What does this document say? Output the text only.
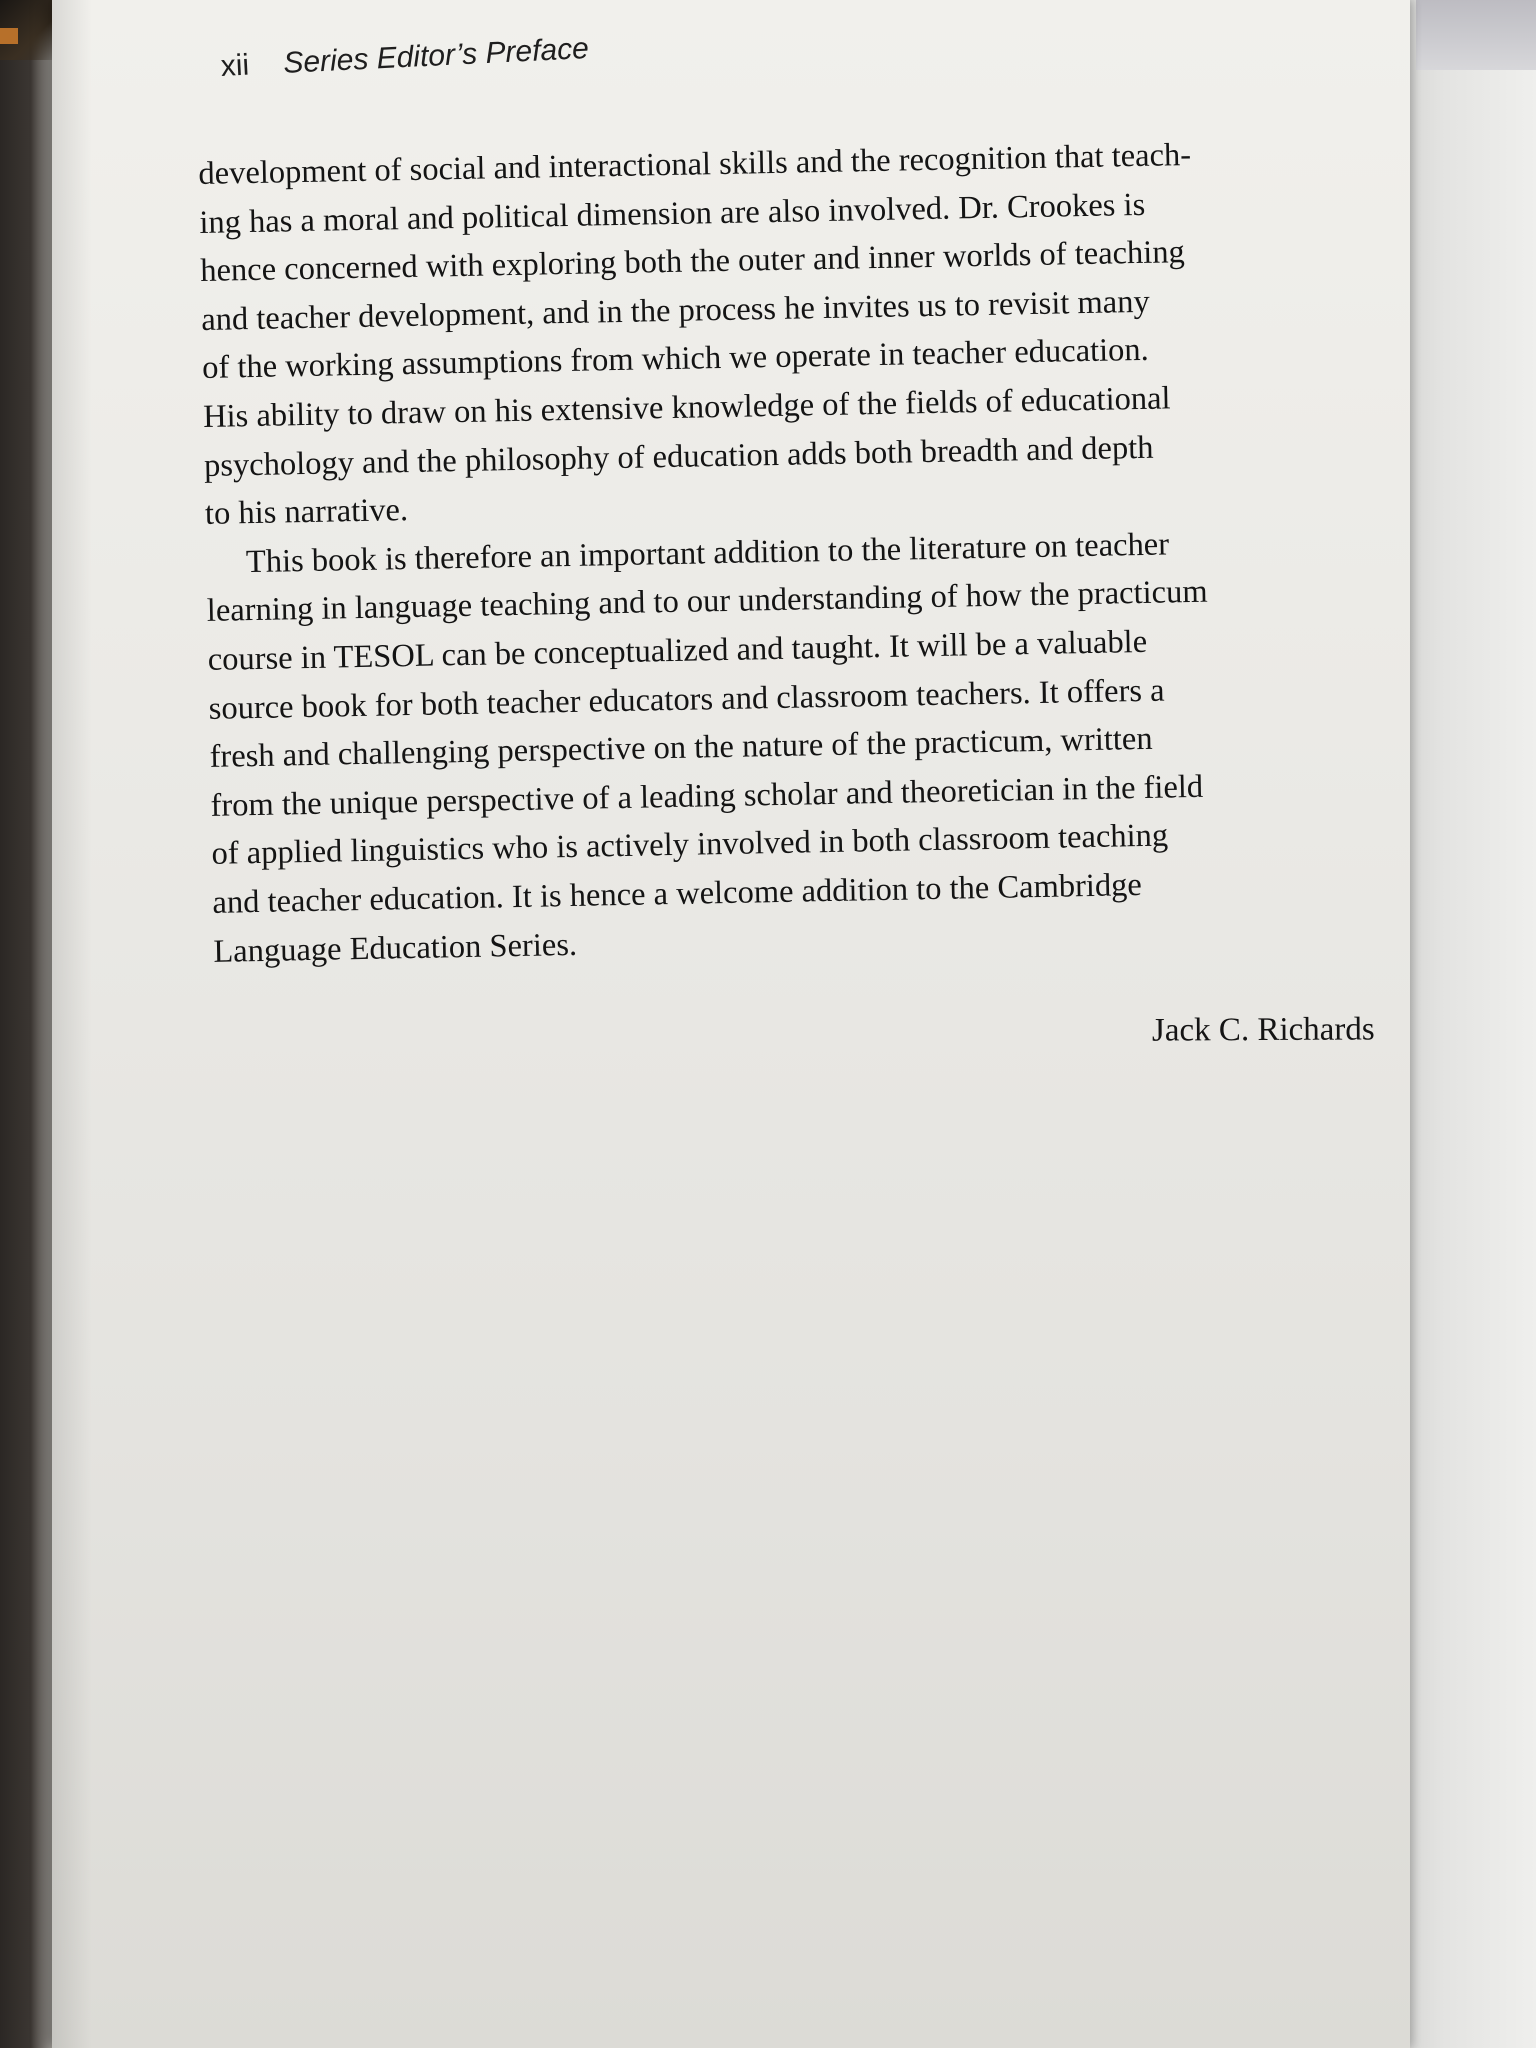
xii Series Editor’s Preface
development of social and interactional skills and the recognition that teach-
ing has a moral and political dimension are also involved. Dr. Crookes is
hence concerned with exploring both the outer and inner worlds of teaching
and teacher development, and in the process he invites us to revisit many
of the working assumptions from which we operate in teacher education.
His ability to draw on his extensive knowledge of the fields of educational
psychology and the philosophy of education adds both breadth and depth
to his narrative.
This book is therefore an important addition to the literature on teacher
learning in language teaching and to our understanding of how the practicum
course in TESOL can be conceptualized and taught. It will be a valuable
source book for both teacher educators and classroom teachers. It offers a
fresh and challenging perspective on the nature of the practicum, written
from the unique perspective of a leading scholar and theoretician in the field
of applied linguistics who is actively involved in both classroom teaching
and teacher education. It is hence a welcome addition to the Cambridge
Language Education Series.
Jack C. Richards
